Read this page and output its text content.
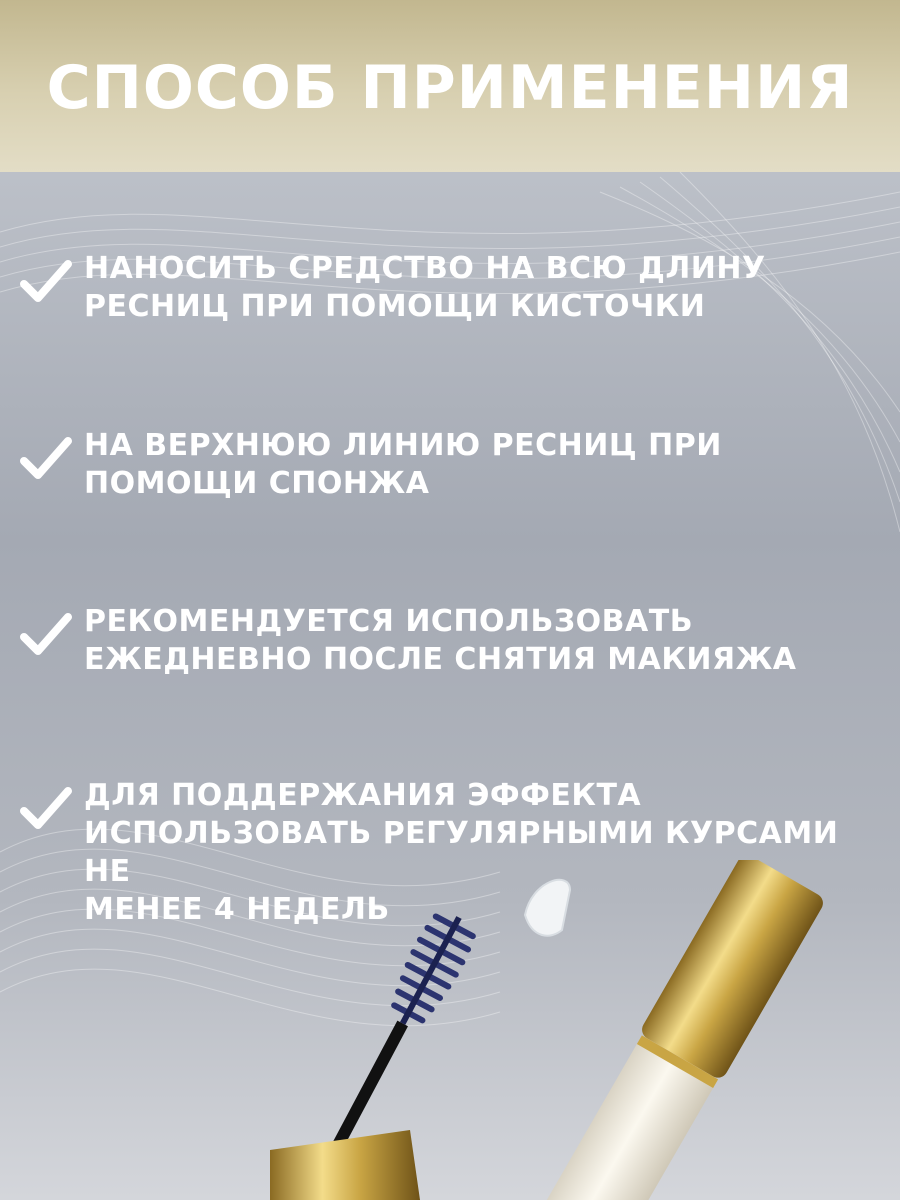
СПОСОБ ПРИМЕНЕНИЯ
НАНОСИТЬ СРЕДСТВО НА ВСЮ ДЛИНУ
РЕСНИЦ ПРИ ПОМОЩИ КИСТОЧКИ
НА ВЕРХНЮЮ ЛИНИЮ РЕСНИЦ ПРИ
ПОМОЩИ СПОНЖА
РЕКОМЕНДУЕТСЯ ИСПОЛЬЗОВАТЬ
ЕЖЕДНЕВНО ПОСЛЕ СНЯТИЯ МАКИЯЖА
ДЛЯ ПОДДЕРЖАНИЯ ЭФФЕКТА
ИСПОЛЬЗОВАТЬ РЕГУЛЯРНЫМИ КУРСАМИ НЕ
МЕНЕЕ 4 НЕДЕЛЬ
